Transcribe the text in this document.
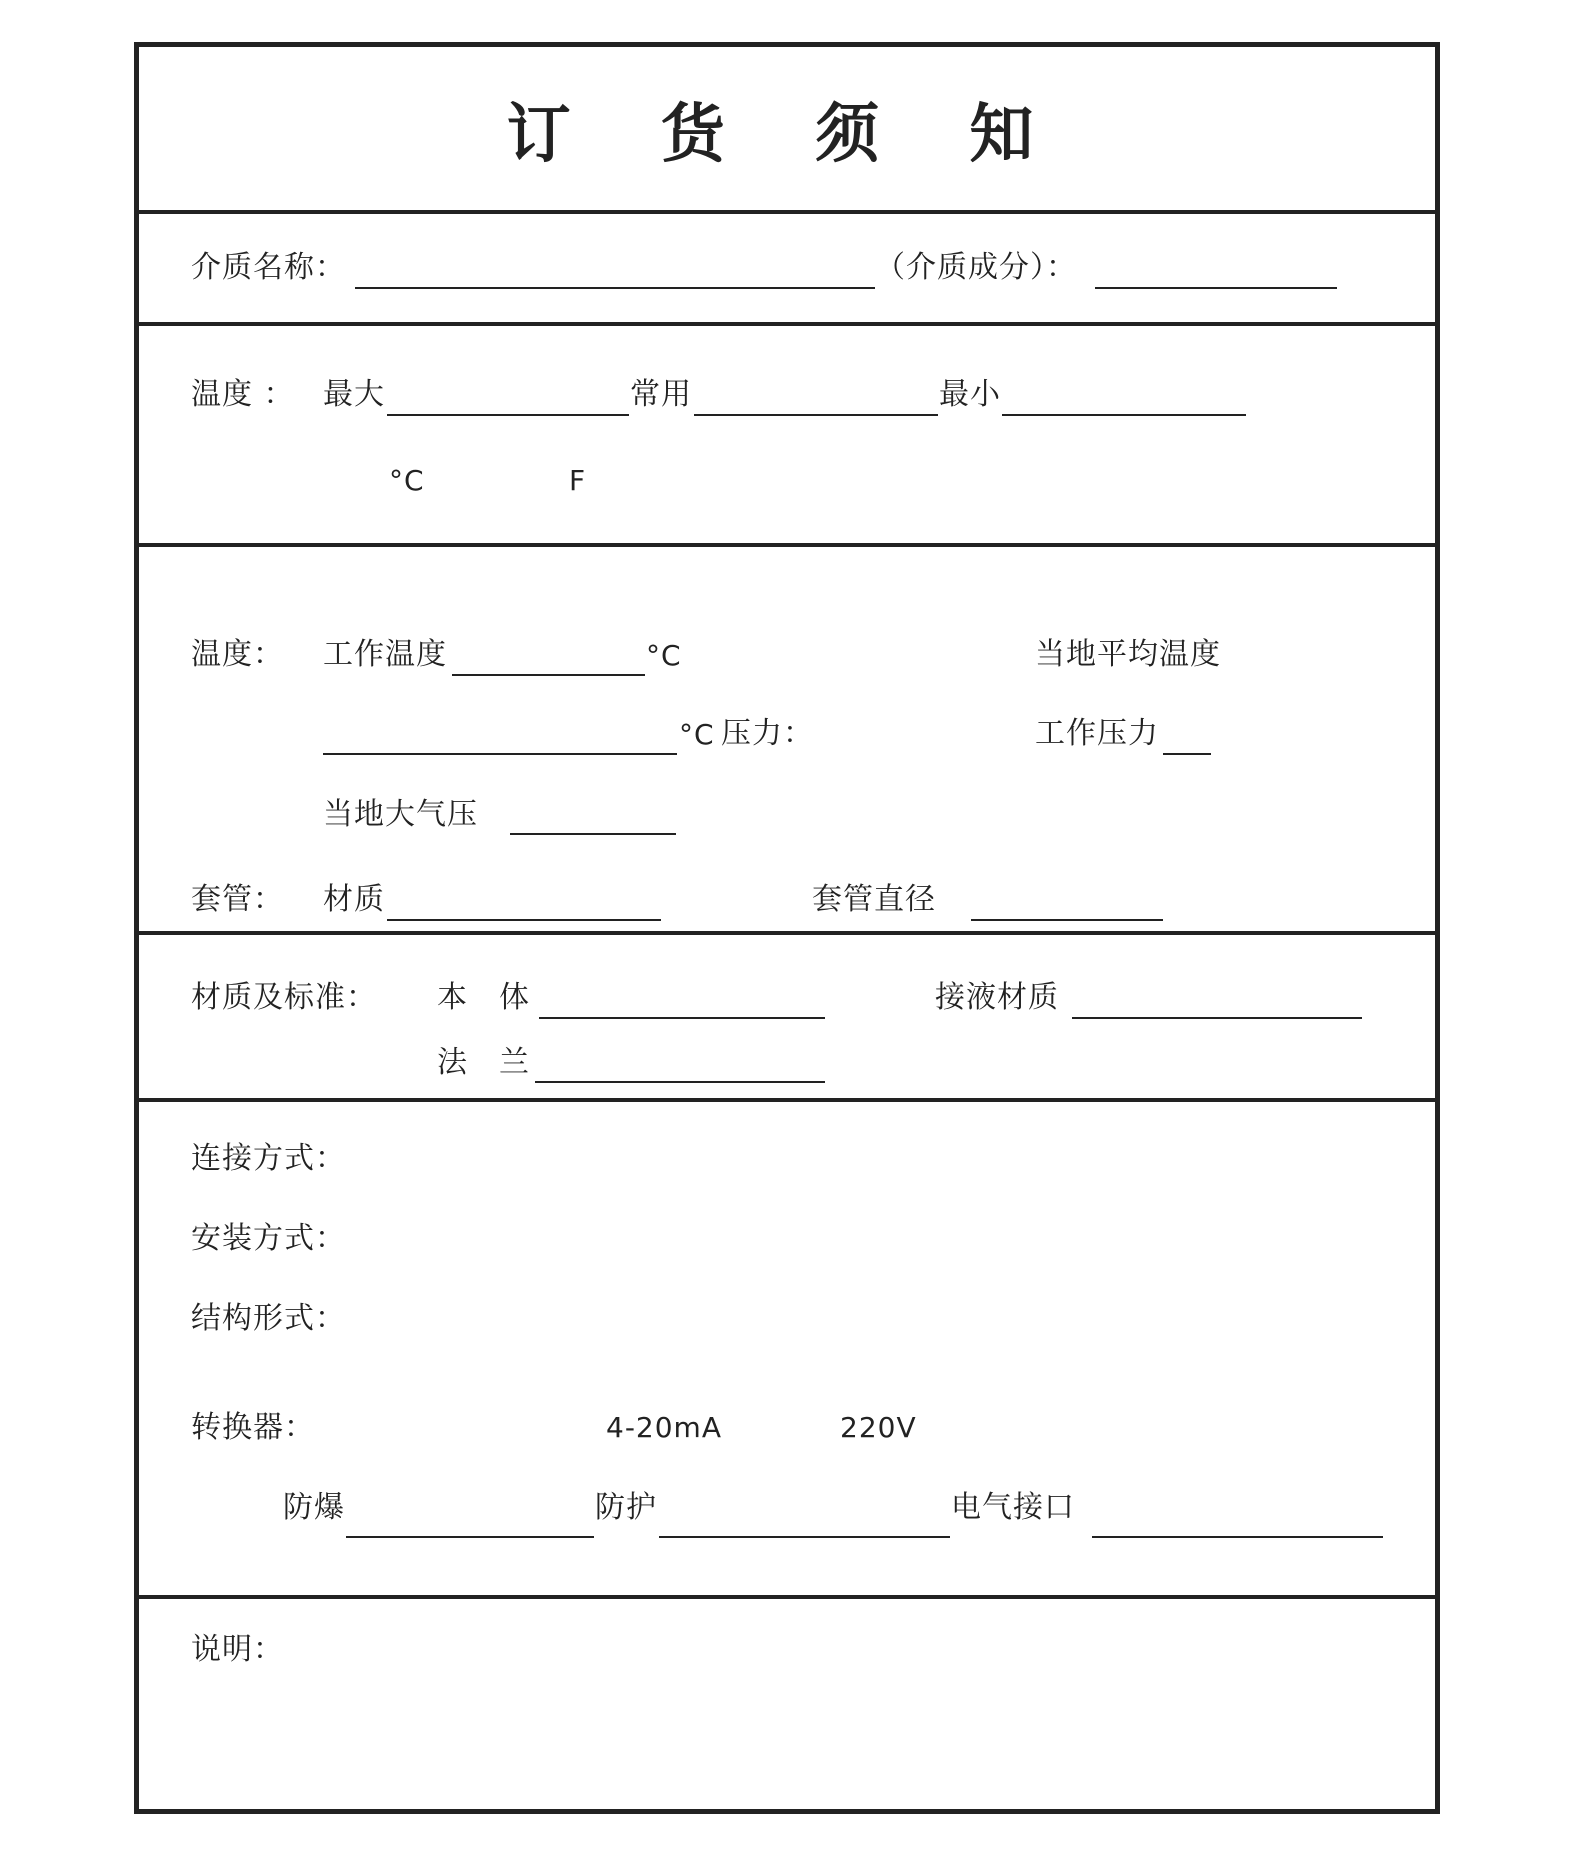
订 货 须 知
介质名称：	（介质成分）：
温度 ： 最大	常用	最小
°C	F
温度： 工作温度	°C	当地平均温度
°C 压力：	工作压力
当地大气压
套管： 材质	套管直径
材质及标准： 本　体	接液材质
法　兰
连接方式：
安装方式：
结构形式：
转换器：	4-20mA	220V
防爆	防护	电气接口
说明：
